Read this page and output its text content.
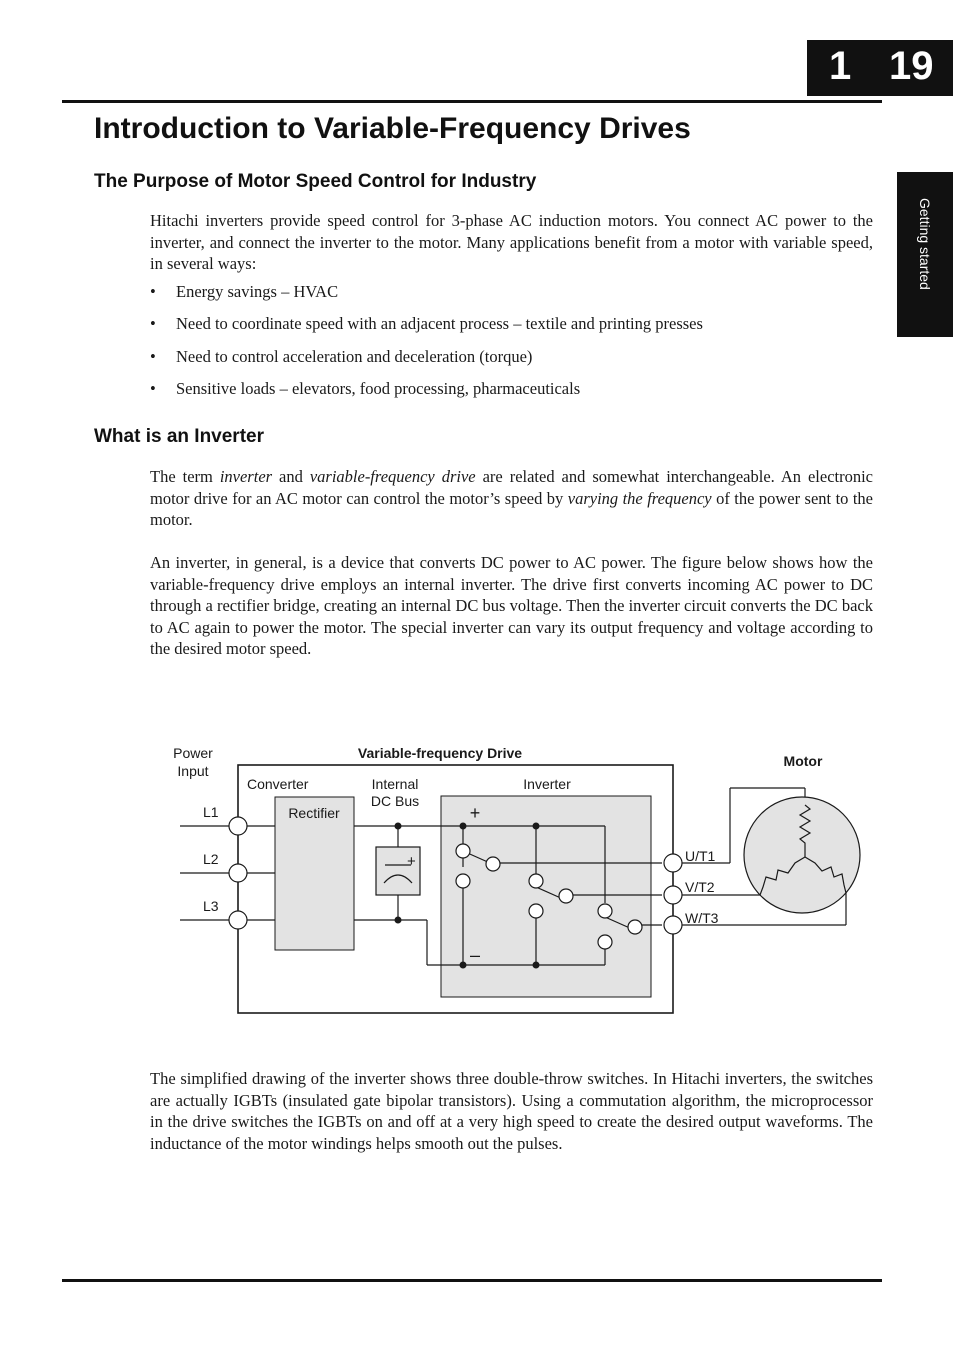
1 19
Getting started
Introduction to Variable-Frequency Drives
The Purpose of Motor Speed Control for Industry

Hitachi inverters provide speed control for 3-phase AC induction motors. You connect AC power to the inverter, and connect the inverter to the motor. Many applications benefit from a motor with variable speed, in several ways:

• Energy savings – HVAC
• Need to coordinate speed with an adjacent process – textile and printing presses
• Need to control acceleration and deceleration (torque)
• Sensitive loads – elevators, food processing, pharmaceuticals
What is an Inverter

The term inverter and variable-frequency drive are related and somewhat interchangeable. An electronic motor drive for an AC motor can control the motor’s speed by varying the frequency of the power sent to the motor.

An inverter, in general, is a device that converts DC power to AC power. The figure below shows how the variable-frequency drive employs an internal inverter. The drive first converts incoming AC power to DC through a rectifier bridge, creating an internal DC bus voltage. Then the inverter circuit converts the DC back to AC again to power the motor. The special inverter can vary its output frequency and voltage according to the desired motor speed.

Power
Input
Variable-frequency Drive	Motor
Converter	Internal
DC Bus
Inverter
Rectifier	+
–
+
L1
L2
L3
U/T1
V/T2
W/T3

The simplified drawing of the inverter shows three double-throw switches. In Hitachi inverters, the switches are actually IGBTs (insulated gate bipolar transistors). Using a commutation algorithm, the microprocessor in the drive switches the IGBTs on and off at a very high speed to create the desired output waveforms. The inductance of the motor windings helps smooth out the pulses.
